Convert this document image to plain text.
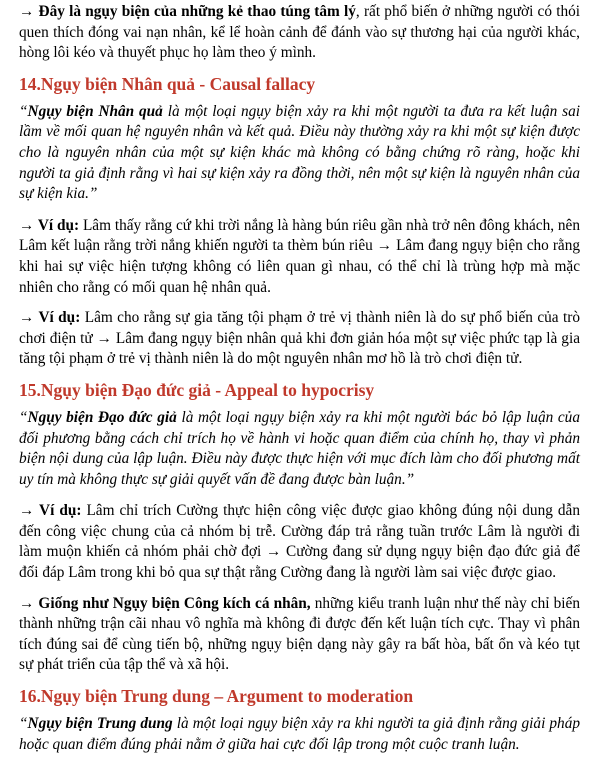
→ Đây là ngụy biện của những kẻ thao túng tâm lý, rất phổ biến ở những người có thói quen thích đóng vai nạn nhân, kể lể hoàn cảnh để đánh vào sự thương hại của người khác, hòng lôi kéo và thuyết phục họ làm theo ý mình.

14.Ngụy biện Nhân quả - Causal fallacy

“Ngụy biện Nhân quả là một loại ngụy biện xảy ra khi một người ta đưa ra kết luận sai lầm về mối quan hệ nguyên nhân và kết quả. Điều này thường xảy ra khi một sự kiện được cho là nguyên nhân của một sự kiện khác mà không có bằng chứng rõ ràng, hoặc khi người ta giả định rằng vì hai sự kiện xảy ra đồng thời, nên một sự kiện là nguyên nhân của sự kiện kia.”

→ Ví dụ: Lâm thấy rằng cứ khi trời nắng là hàng bún riêu gần nhà trở nên đông khách, nên Lâm kết luận rằng trời nắng khiến người ta thèm bún riêu → Lâm đang ngụy biện cho rằng khi hai sự việc hiện tượng không có liên quan gì nhau, có thể chỉ là trùng hợp mà mặc nhiên cho rằng có mối quan hệ nhân quả.

→ Ví dụ: Lâm cho rằng sự gia tăng tội phạm ở trẻ vị thành niên là do sự phổ biến của trò chơi điện tử → Lâm đang ngụy biện nhân quả khi đơn giản hóa một sự việc phức tạp là gia tăng tội phạm ở trẻ vị thành niên là do một nguyên nhân mơ hồ là trò chơi điện tử.

15.Ngụy biện Đạo đức giả - Appeal to hypocrisy

“Ngụy biện Đạo đức giả là một loại ngụy biện xảy ra khi một người bác bỏ lập luận của đối phương bằng cách chỉ trích họ về hành vi hoặc quan điểm của chính họ, thay vì phản biện nội dung của lập luận. Điều này được thực hiện với mục đích làm cho đối phương mất uy tín mà không thực sự giải quyết vấn đề đang được bàn luận.”

→ Ví dụ: Lâm chỉ trích Cường thực hiện công việc được giao không đúng nội dung dẫn đến công việc chung của cả nhóm bị trễ. Cường đáp trả rằng tuần trước Lâm là người đi làm muộn khiến cả nhóm phải chờ đợi → Cường đang sử dụng ngụy biện đạo đức giả để đối đáp Lâm trong khi bỏ qua sự thật rằng Cường đang là người làm sai việc được giao.

→ Giống như Ngụy biện Công kích cá nhân, những kiểu tranh luận như thế này chỉ biến thành những trận cãi nhau vô nghĩa mà không đi được đến kết luận tích cực. Thay vì phân tích đúng sai để cùng tiến bộ, những ngụy biện dạng này gây ra bất hòa, bất ổn và kéo tụt sự phát triển của tập thể và xã hội.

16.Ngụy biện Trung dung – Argument to moderation

“Ngụy biện Trung dung là một loại ngụy biện xảy ra khi người ta giả định rằng giải pháp hoặc quan điểm đúng phải nằm ở giữa hai cực đối lập trong một cuộc tranh luận.
